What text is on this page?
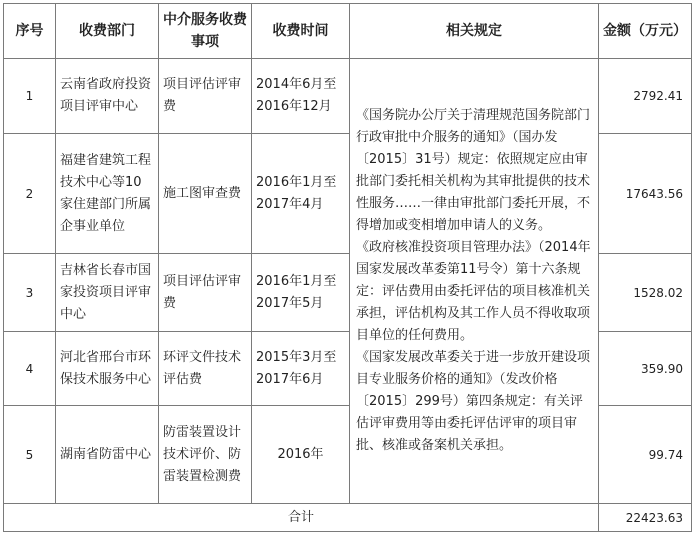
序号	收费部门	中介服务收费事项	收费时间	相关规定	金额（万元）
1	云南省政府投资项目评审中心	项目评估评审费	2014年6月至2016年12月	《国务院办公厅关于清理规范国务院部门行政审批中介服务的通知》（国办发〔2015〕31号）规定：依照规定应由审批部门委托相关机构为其审批提供的技术性服务……一律由审批部门委托开展，不得增加或变相增加申请人的义务。

《政府核准投资项目管理办法》（2014年国家发展改革委第11号令）第十六条规定：评估费用由委托评估的项目核准机关承担，评估机构及其工作人员不得收取项目单位的任何费用。

《国家发展改革委关于进一步放开建设项目专业服务价格的通知》（发改价格〔2015〕299号）第四条规定：有关评估评审费用等由委托评估评审的项目审批、核准或备案机关承担。	2792.41
2	福建省建筑工程技术中心等10家住建部门所属企事业单位	施工图审查费	2016年1月至2017年4月		17643.56
3	吉林省长春市国家投资项目评审中心	项目评估评审费	2016年1月至2017年5月		1528.02
4	河北省邢台市环保技术服务中心	环评文件技术评估费	2015年3月至2017年6月		359.90
5	湖南省防雷中心	防雷装置设计技术评价、防雷装置检测费	2016年		99.74
合计					22423.63
